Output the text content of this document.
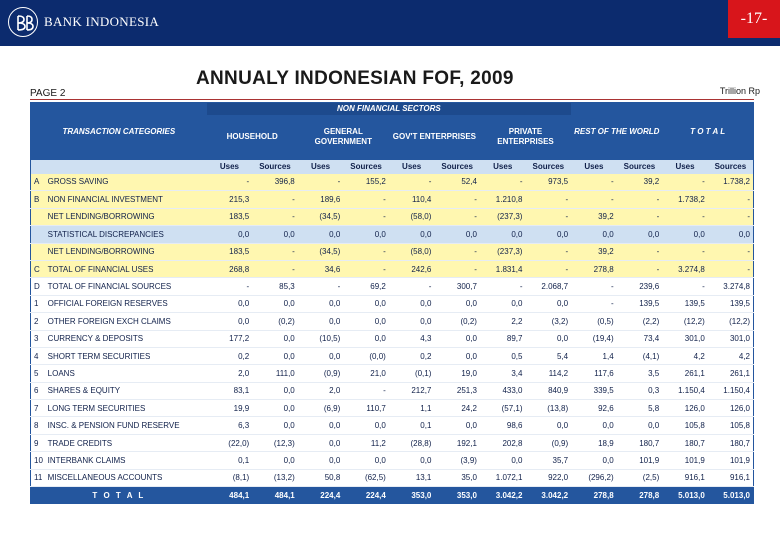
BANK INDONESIA	-17-
PAGE 2
ANNUALY INDONESIAN FOF, 2009
Trillion Rp
TRANSACTION CATEGORIES		NON FINANCIAL SECTORS								REST OF THE WORLD		T O T A L	
		HOUSEHOLD		GENERAL GOVERNMENT		GOV'T ENTERPRISES		PRIVATE ENTERPRISES					
		Uses	Sources	Uses	Sources	Uses	Sources	Uses	Sources	Uses	Sources	Uses	Sources
A	GROSS SAVING	-	396,8	-	155,2	-	52,4	-	973,5	-	39,2	-	1.738,2
B	NON FINANCIAL INVESTMENT	215,3	-	189,6	-	110,4	-	1.210,8	-	-	-	1.738,2	-
	NET LENDING/BORROWING	183,5	-	(34,5)	-	(58,0)	-	(237,3)	-	39,2	-	-	-
	STATISTICAL DISCREPANCIES	0,0	0,0	0,0	0,0	0,0	0,0	0,0	0,0	0,0	0,0	0,0	0,0
	NET LENDING/BORROWING	183,5	-	(34,5)	-	(58,0)	-	(237,3)	-	39,2	-	-	-
C	TOTAL OF FINANCIAL USES	268,8	-	34,6	-	242,6	-	1.831,4	-	278,8	-	3.274,8	-
D	TOTAL OF FINANCIAL SOURCES	-	85,3	-	69,2	-	300,7	-	2.068,7	-	239,6	-	3.274,8
1	OFFICIAL FOREIGN RESERVES	0,0	0,0	0,0	0,0	0,0	0,0	0,0	0,0	-	139,5	139,5	139,5
2	OTHER FOREIGN EXCH CLAIMS	0,0	(0,2)	0,0	0,0	0,0	(0,2)	2,2	(3,2)	(0,5)	(2,2)	(12,2)	(12,2)
3	CURRENCY & DEPOSITS	177,2	0,0	(10,5)	0,0	4,3	0,0	89,7	0,0	(19,4)	73,4	301,0	301,0
4	SHORT TERM SECURITIES	0,2	0,0	0,0	(0,0)	0,2	0,0	0,5	5,4	1,4	(4,1)	4,2	4,2
5	LOANS	2,0	111,0	(0,9)	21,0	(0,1)	19,0	3,4	114,2	117,6	3,5	261,1	261,1
6	SHARES & EQUITY	83,1	0,0	2,0	-	212,7	251,3	433,0	840,9	339,5	0,3	1.150,4	1.150,4
7	LONG TERM SECURITIES	19,9	0,0	(6,9)	110,7	1,1	24,2	(57,1)	(13,8)	92,6	5,8	126,0	126,0
8	INSC. & PENSION FUND RESERVE	6,3	0,0	0,0	0,0	0,1	0,0	98,6	0,0	0,0	0,0	105,8	105,8
9	TRADE CREDITS	(22,0)	(12,3)	0,0	11,2	(28,8)	192,1	202,8	(0,9)	18,9	180,7	180,7	180,7
10	INTERBANK CLAIMS	0,1	0,0	0,0	0,0	0,0	(3,9)	0,0	35,7	0,0	101,9	101,9	101,9
11	MISCELLANEOUS ACCOUNTS	(8,1)	(13,2)	50,8	(62,5)	13,1	35,0	1.072,1	922,0	(296,2)	(2,5)	916,1	916,1
T O T A L		484,1	484,1	224,4	224,4	353,0	353,0	3.042,2	3.042,2	278,8	278,8	5.013,0	5.013,0
